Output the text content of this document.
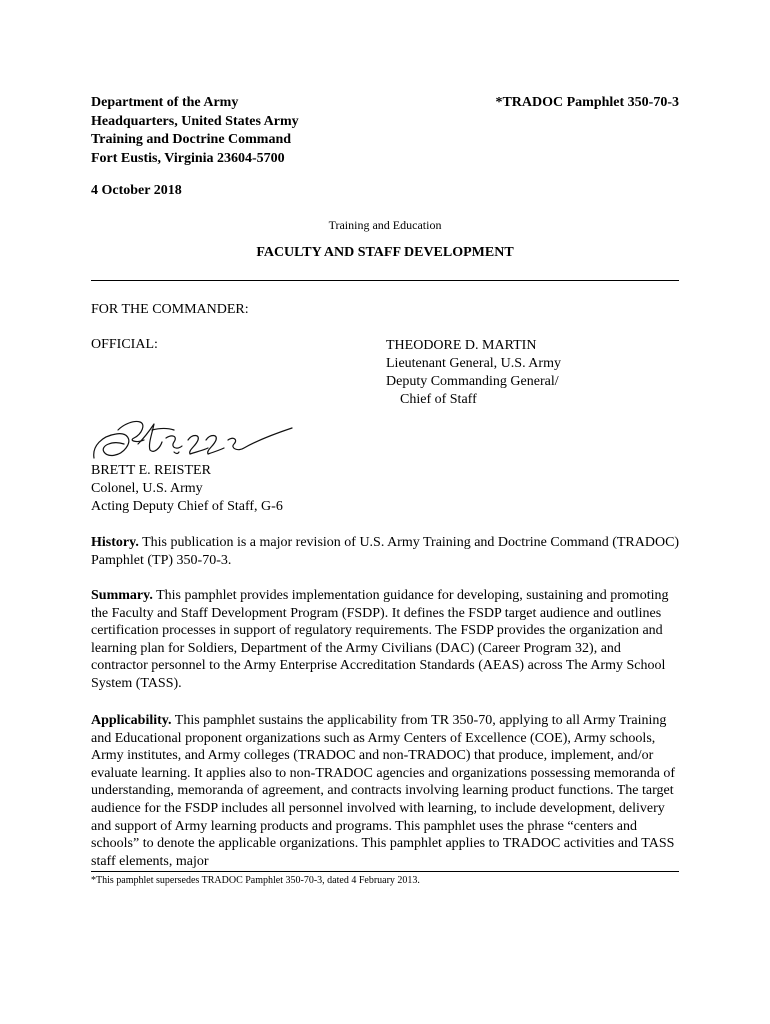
Department of the Army
Headquarters, United States Army
Training and Doctrine Command
Fort Eustis, Virginia 23604-5700
*TRADOC Pamphlet 350-70-3
4 October 2018
Training and Education
FACULTY AND STAFF DEVELOPMENT
FOR THE COMMANDER:
OFFICIAL:	THEODORE D. MARTIN
Lieutenant General, U.S. Army
Deputy Commanding General/
Chief of Staff
BRETT E. REISTER
Colonel, U.S. Army
Acting Deputy Chief of Staff, G-6
History. This publication is a major revision of U.S. Army Training and Doctrine Command (TRADOC) Pamphlet (TP) 350-70-3.
Summary. This pamphlet provides implementation guidance for developing, sustaining and promoting the Faculty and Staff Development Program (FSDP). It defines the FSDP target audience and outlines certification processes in support of regulatory requirements. The FSDP provides the organization and learning plan for Soldiers, Department of the Army Civilians (DAC) (Career Program 32), and contractor personnel to the Army Enterprise Accreditation Standards (AEAS) across The Army School System (TASS).
Applicability. This pamphlet sustains the applicability from TR 350-70, applying to all Army Training and Educational proponent organizations such as Army Centers of Excellence (COE), Army schools, Army institutes, and Army colleges (TRADOC and non-TRADOC) that produce, implement, and/or evaluate learning. It applies also to non-TRADOC agencies and organizations possessing memoranda of understanding, memoranda of agreement, and contracts involving learning product functions. The target audience for the FSDP includes all personnel involved with learning, to include development, delivery and support of Army learning products and programs. This pamphlet uses the phrase “centers and schools” to denote the applicable organizations. This pamphlet applies to TRADOC activities and TASS staff elements, major
*This pamphlet supersedes TRADOC Pamphlet 350-70-3, dated 4 February 2013.
